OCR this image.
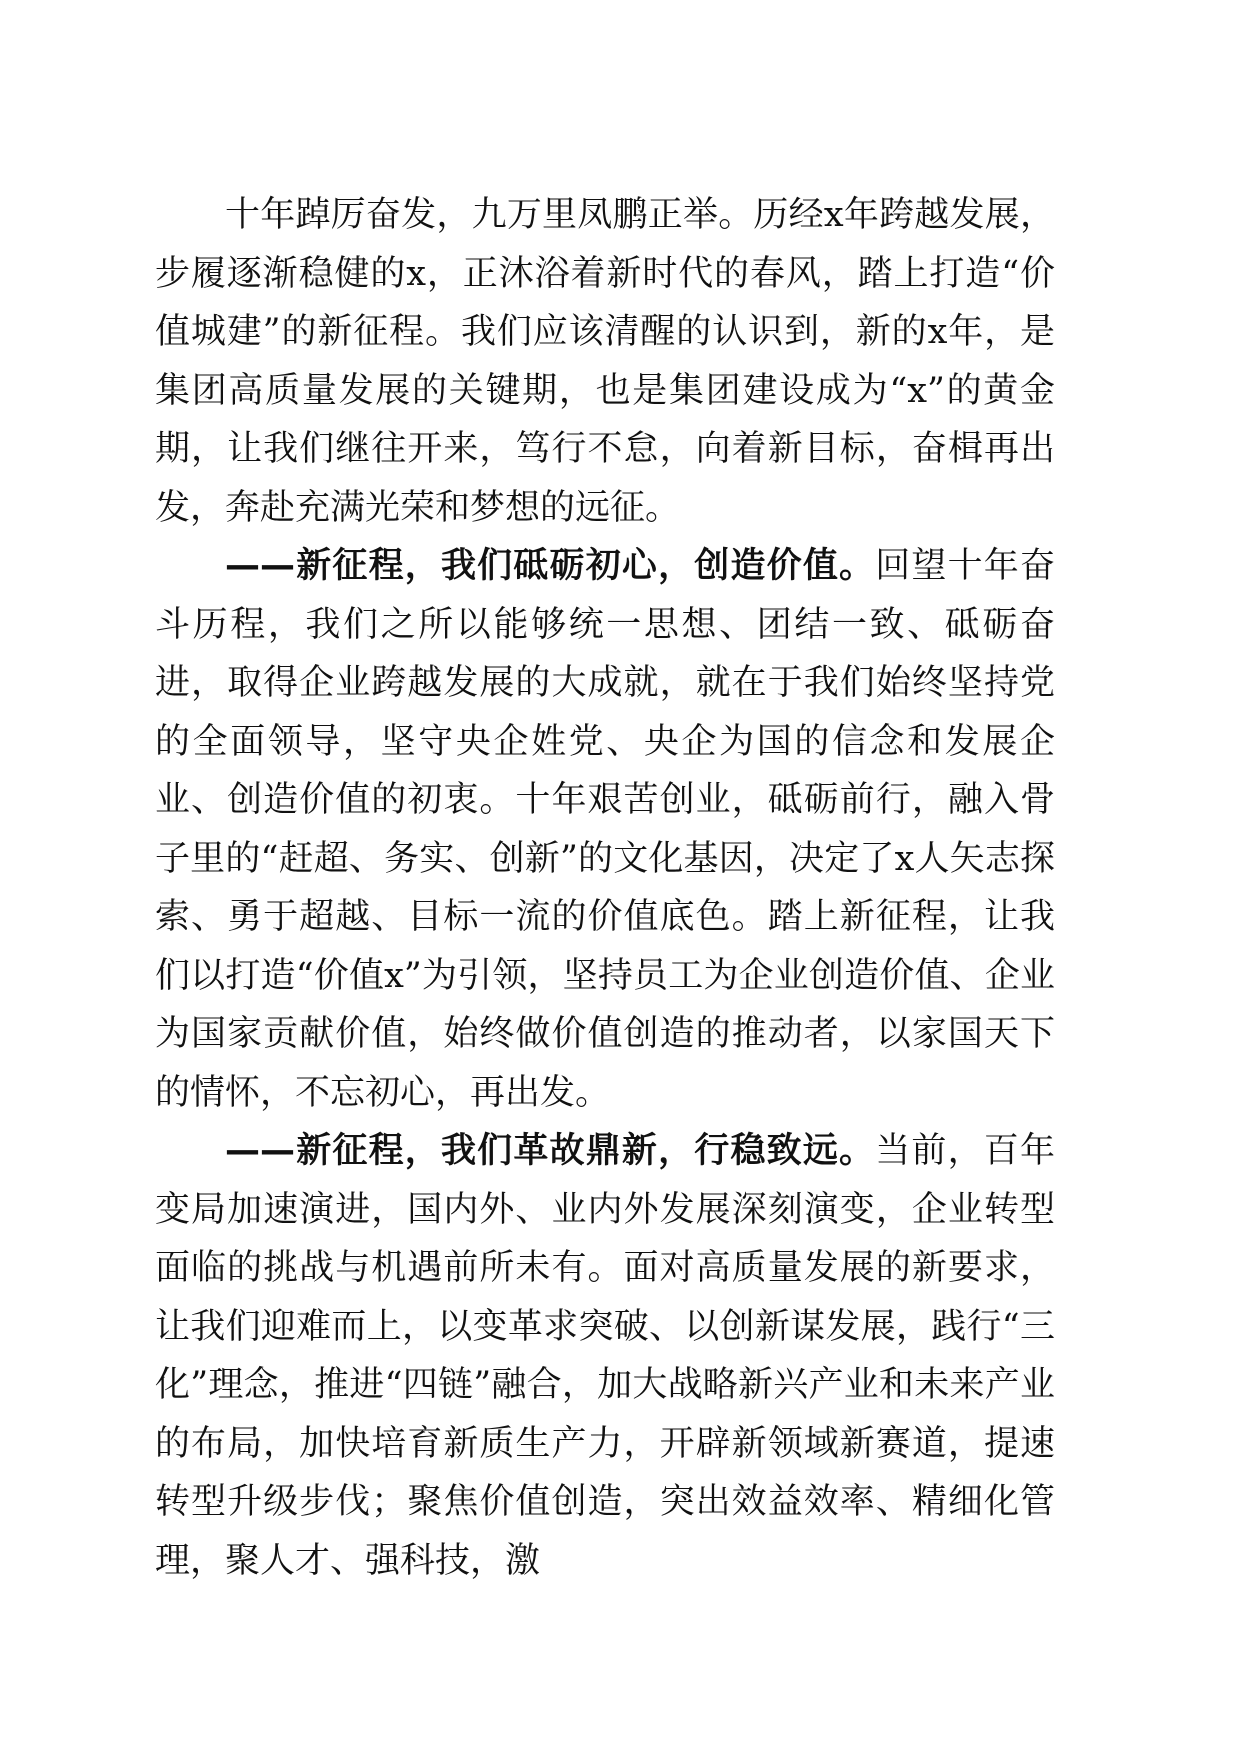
十年踔厉奋发，九万里凤鹏正举。历经x年跨越发展，步履逐渐稳健的x，正沐浴着新时代的春风，踏上打造“价值城建”的新征程。我们应该清醒的认识到，新的x年，是集团高质量发展的关键期，也是集团建设成为“x”的黄金期，让我们继往开来，笃行不怠，向着新目标，奋楫再出发，奔赴充满光荣和梦想的远征。

——新征程，我们砥砺初心，创造价值。回望十年奋斗历程，我们之所以能够统一思想、团结一致、砥砺奋进，取得企业跨越发展的大成就，就在于我们始终坚持党的全面领导，坚守央企姓党、央企为国的信念和发展企业、创造价值的初衷。十年艰苦创业，砥砺前行，融入骨子里的“赶超、务实、创新”的文化基因，决定了x人矢志探索、勇于超越、目标一流的价值底色。踏上新征程，让我们以打造“价值x”为引领，坚持员工为企业创造价值、企业为国家贡献价值，始终做价值创造的推动者，以家国天下的情怀，不忘初心，再出发。

——新征程，我们革故鼎新，行稳致远。当前，百年变局加速演进，国内外、业内外发展深刻演变，企业转型面临的挑战与机遇前所未有。面对高质量发展的新要求，让我们迎难而上，以变革求突破、以创新谋发展，践行“三化”理念，推进“四链”融合，加大战略新兴产业和未来产业的布局，加快培育新质生产力，开辟新领域新赛道，提速转型升级步伐；聚焦价值创造，突出效益效率、精细化管理，聚人才、强科技，激
